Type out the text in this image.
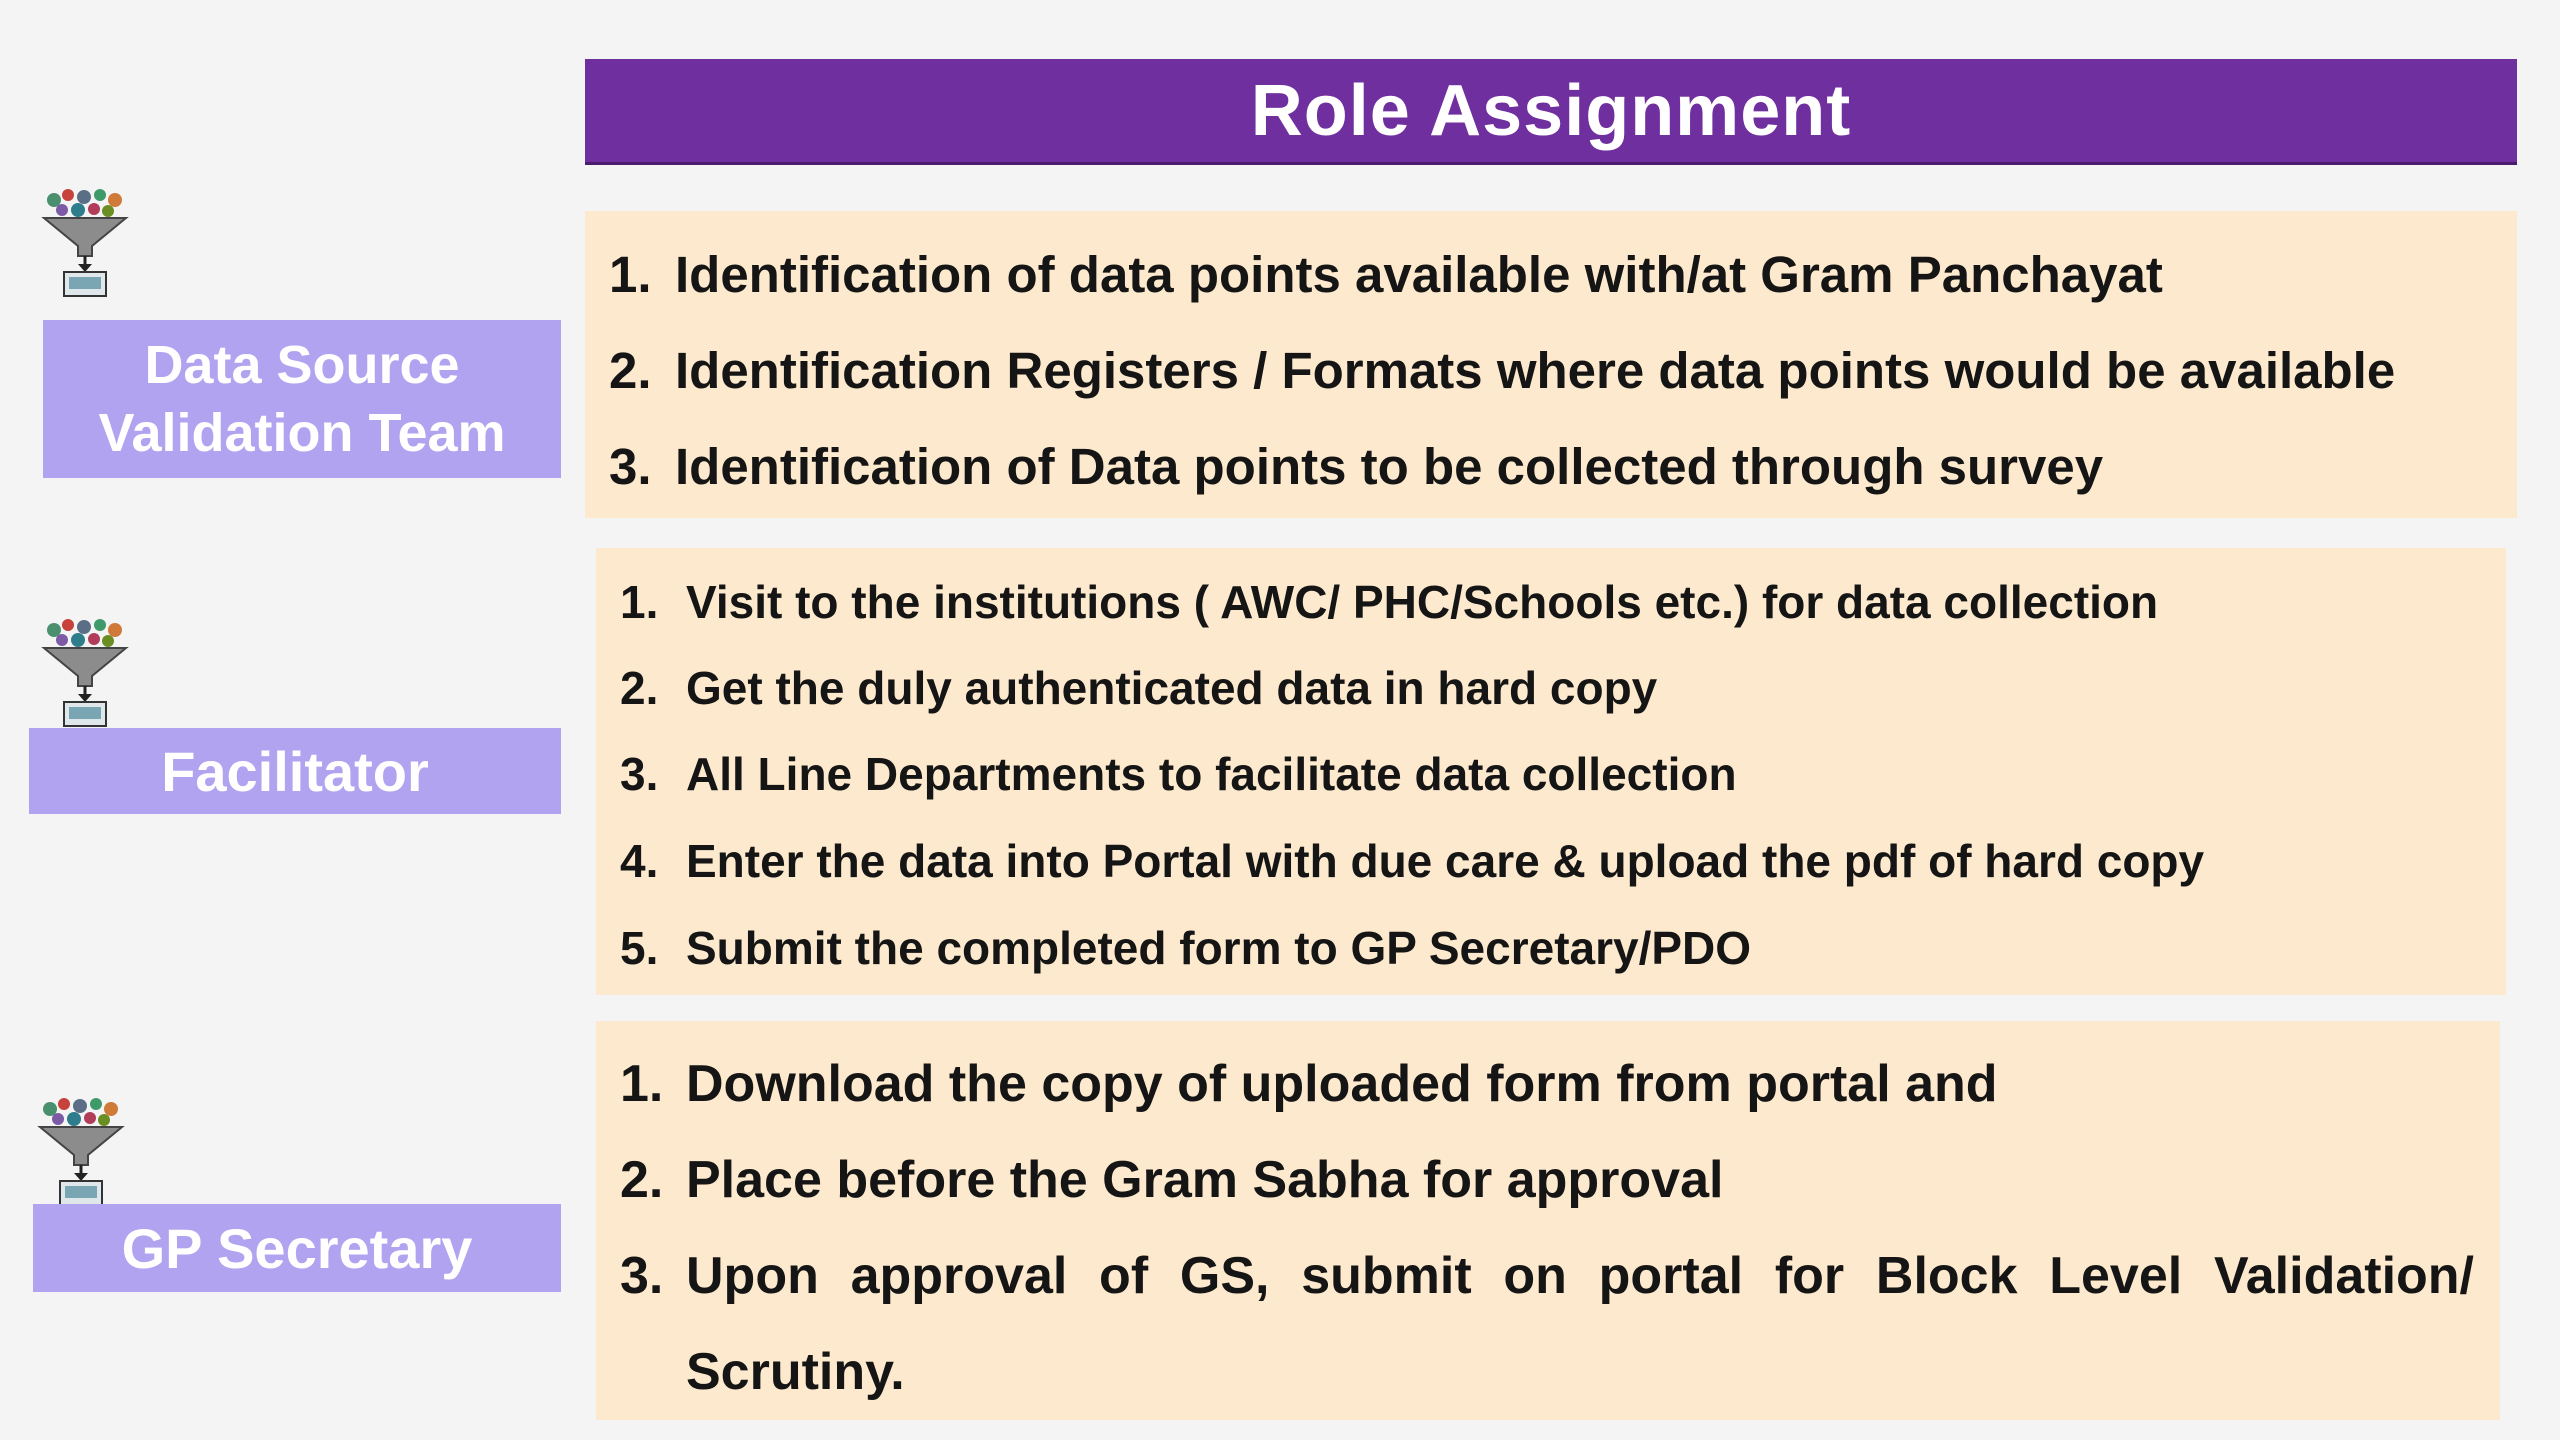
Role Assignment
Data Source
Validation Team
1. Identification of data points available with/at Gram Panchayat
2. Identification Registers / Formats where data points would be available
3. Identification of Data points to be collected through survey
Facilitator
1. Visit to the institutions ( AWC/ PHC/Schools etc.) for data collection
2. Get the duly authenticated data in hard copy
3. All Line Departments to facilitate data collection
4. Enter the data into Portal with due care & upload the pdf of hard copy
5. Submit the completed form to GP Secretary/PDO
GP Secretary
1. Download the copy of uploaded form from portal and
2. Place before the Gram Sabha for approval
3. Upon approval of GS, submit on portal for Block Level Validation/
Scrutiny.
